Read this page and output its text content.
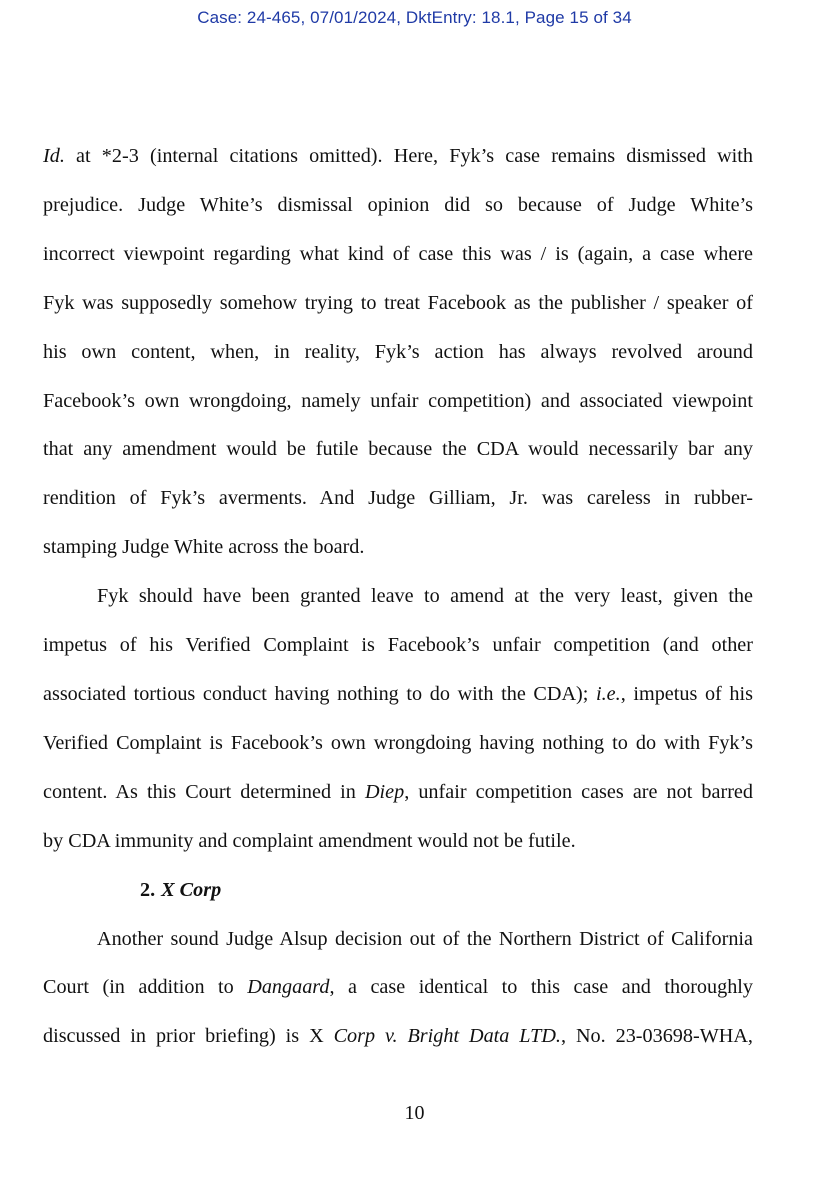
Case: 24-465, 07/01/2024, DktEntry: 18.1, Page 15 of 34
Id. at *2-3 (internal citations omitted). Here, Fyk’s case remains dismissed with
prejudice. Judge White’s dismissal opinion did so because of Judge White’s
incorrect viewpoint regarding what kind of case this was / is (again, a case where
Fyk was supposedly somehow trying to treat Facebook as the publisher / speaker of
his own content, when, in reality, Fyk’s action has always revolved around
Facebook’s own wrongdoing, namely unfair competition) and associated viewpoint
that any amendment would be futile because the CDA would necessarily bar any
rendition of Fyk’s averments. And Judge Gilliam, Jr. was careless in rubber-
stamping Judge White across the board.
Fyk should have been granted leave to amend at the very least, given the
impetus of his Verified Complaint is Facebook’s unfair competition (and other
associated tortious conduct having nothing to do with the CDA); i.e., impetus of his
Verified Complaint is Facebook’s own wrongdoing having nothing to do with Fyk’s
content. As this Court determined in Diep, unfair competition cases are not barred
by CDA immunity and complaint amendment would not be futile.
2. X Corp
Another sound Judge Alsup decision out of the Northern District of California
Court (in addition to Dangaard, a case identical to this case and thoroughly
discussed in prior briefing) is X Corp v. Bright Data LTD., No. 23-03698-WHA,
10
